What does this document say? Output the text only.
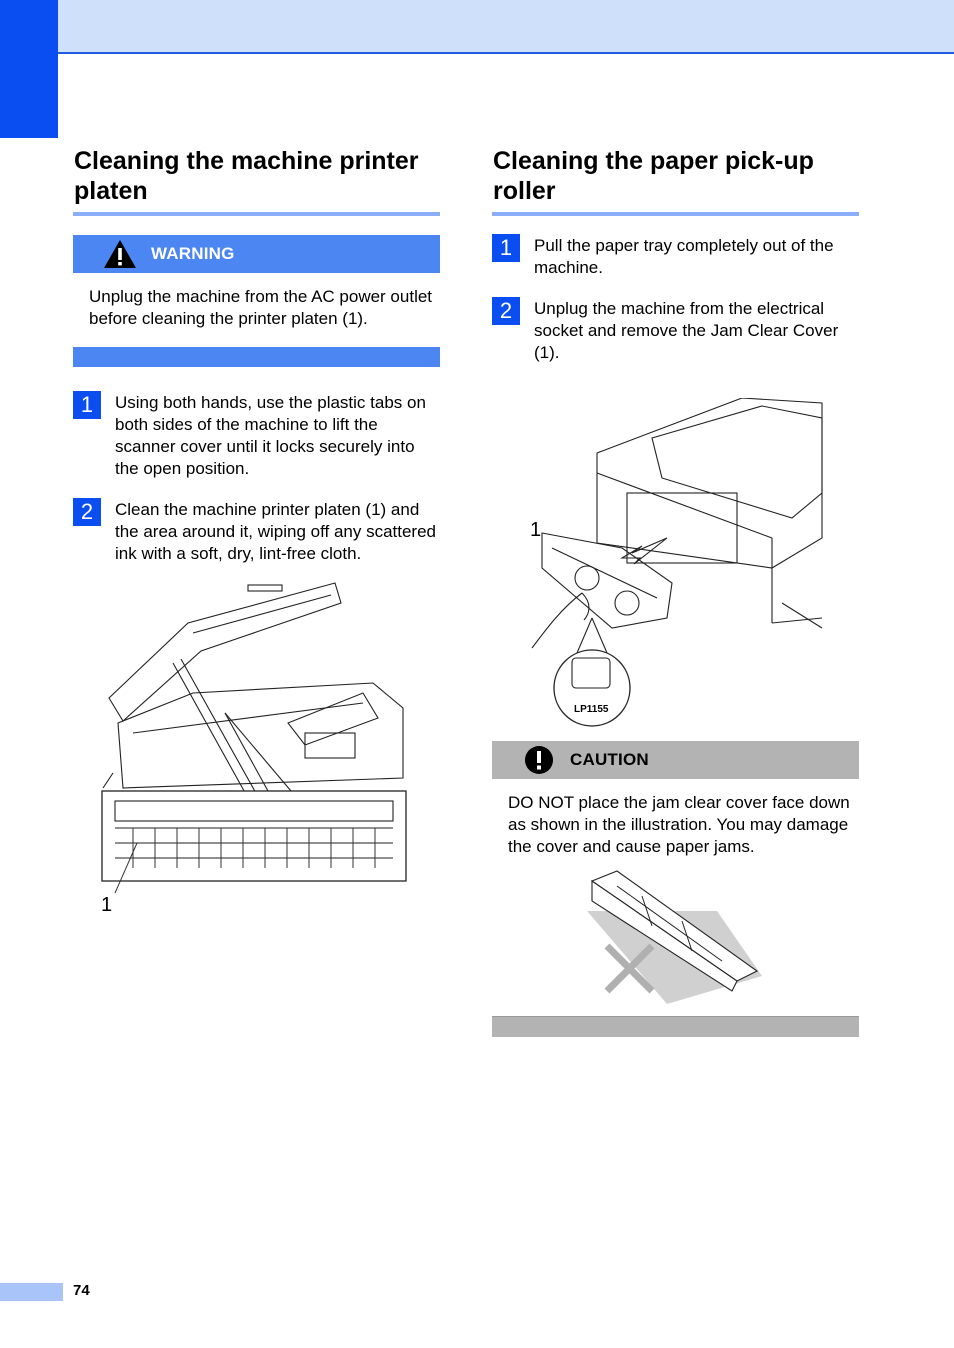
Cleaning the machine printer platen
WARNING
Unplug the machine from the AC power outlet before cleaning the printer platen (1).
1	Using both hands, use the plastic tabs on both sides of the machine to lift the scanner cover until it locks securely into the open position.
2	Clean the machine printer platen (1) and the area around it, wiping off any scattered ink with a soft, dry, lint-free cloth.
1
Cleaning the paper pick-up roller
1	Pull the paper tray completely out of the machine.
2	Unplug the machine from the electrical socket and remove the Jam Clear Cover (1).
1
LP1155
CAUTION
DO NOT place the jam clear cover face down as shown in the illustration. You may damage the cover and cause paper jams.
74
